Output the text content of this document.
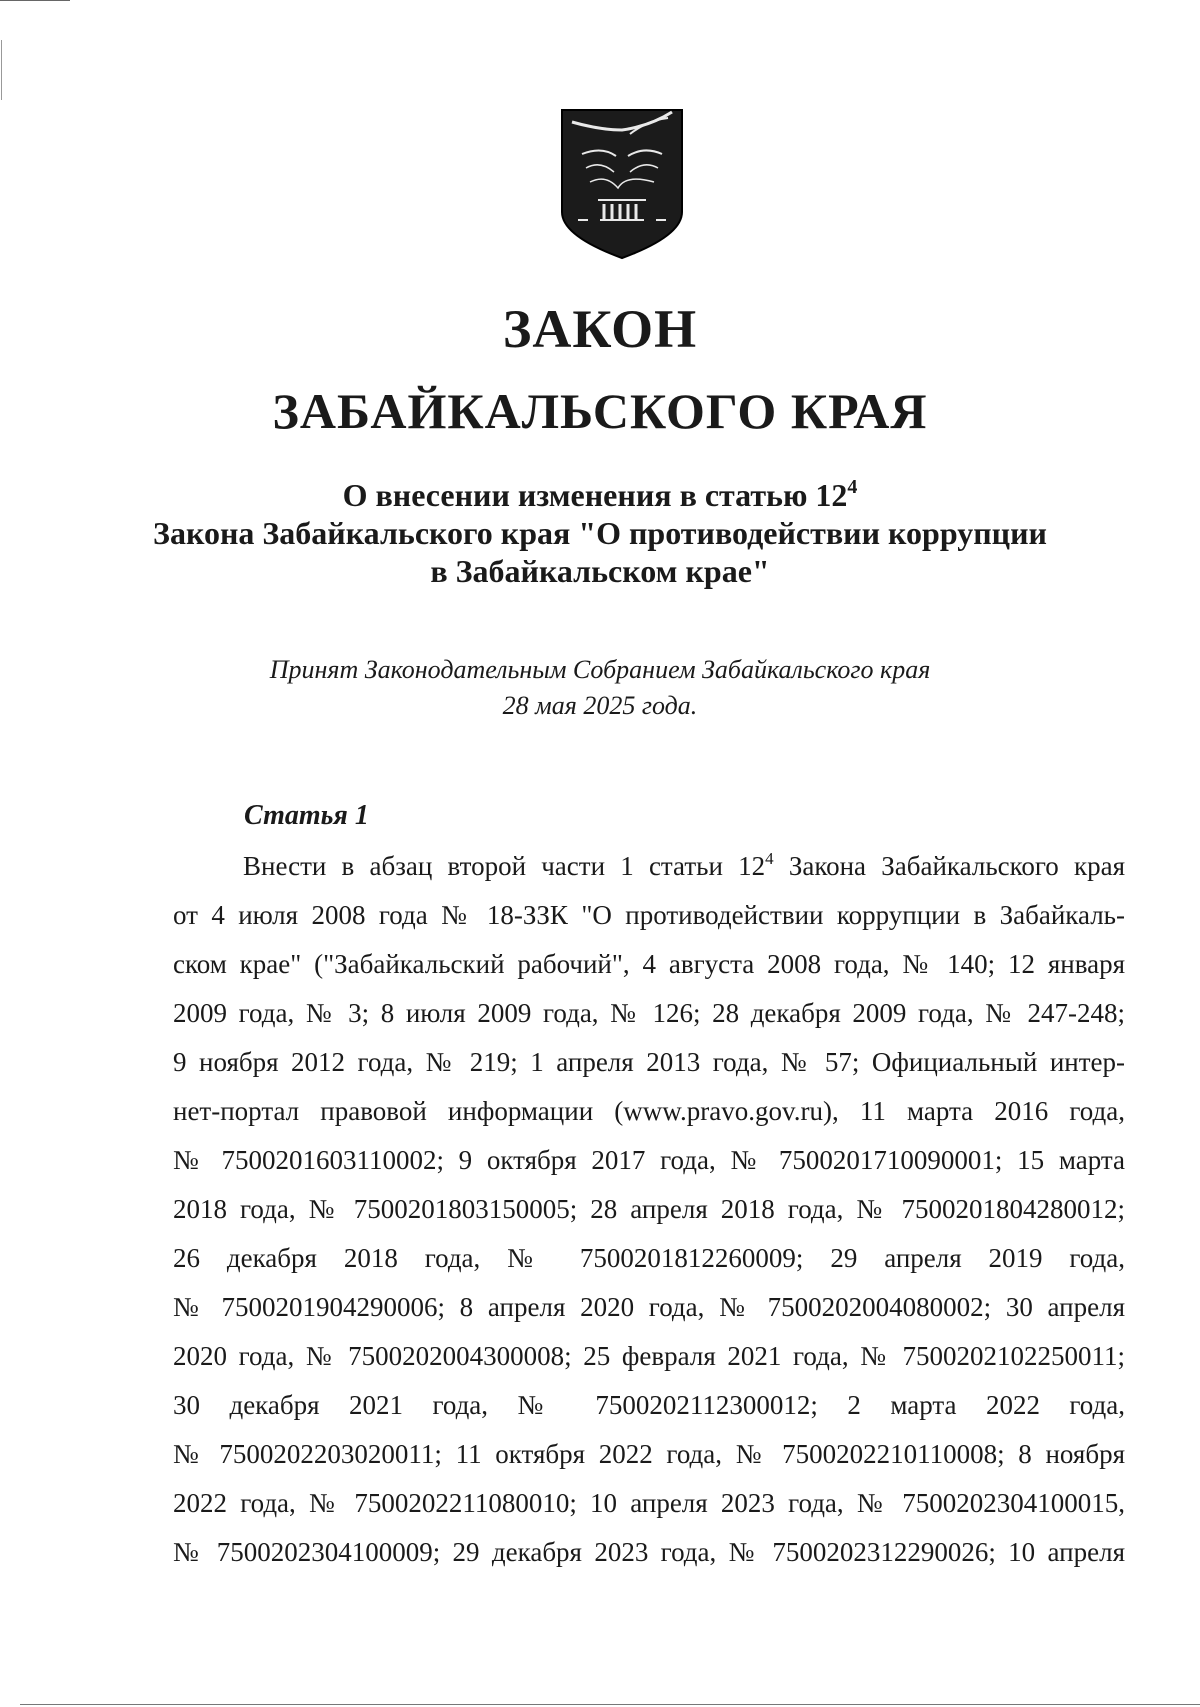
ЗАКОН
ЗАБАЙКАЛЬСКОГО КРАЯ
О внесении изменения в статью $12^4$
Закона Забайкальского края "О противодействии коррупции
в Забайкальском крае"
Принят Законодательным Собранием Забайкальского края
28 мая 2025 года.
Статья 1
Внести в абзац второй части 1 статьи $12^4$ Закона Забайкальского края
от 4 июля 2008 года № 18-ЗЗК "О противодействии коррупции в Забайкаль-
ском крае" ("Забайкальский рабочий", 4 августа 2008 года, № 140; 12 января
2009 года, № 3; 8 июля 2009 года, № 126; 28 декабря 2009 года, № 247-248;
9 ноября 2012 года, № 219; 1 апреля 2013 года, № 57; Официальный интер-
нет-портал правовой информации (www.pravo.gov.ru), 11 марта 2016 года,
№ 7500201603110002; 9 октября 2017 года, № 7500201710090001; 15 марта
2018 года, № 7500201803150005; 28 апреля 2018 года, № 7500201804280012;
26 декабря 2018 года, № 7500201812260009; 29 апреля 2019 года,
№ 7500201904290006; 8 апреля 2020 года, № 7500202004080002; 30 апреля
2020 года, № 7500202004300008; 25 февраля 2021 года, № 7500202102250011;
30 декабря 2021 года, № 7500202112300012; 2 марта 2022 года,
№ 7500202203020011; 11 октября 2022 года, № 7500202210110008; 8 ноября
2022 года, № 7500202211080010; 10 апреля 2023 года, № 7500202304100015,
№ 7500202304100009; 29 декабря 2023 года, № 7500202312290026; 10 апреля
